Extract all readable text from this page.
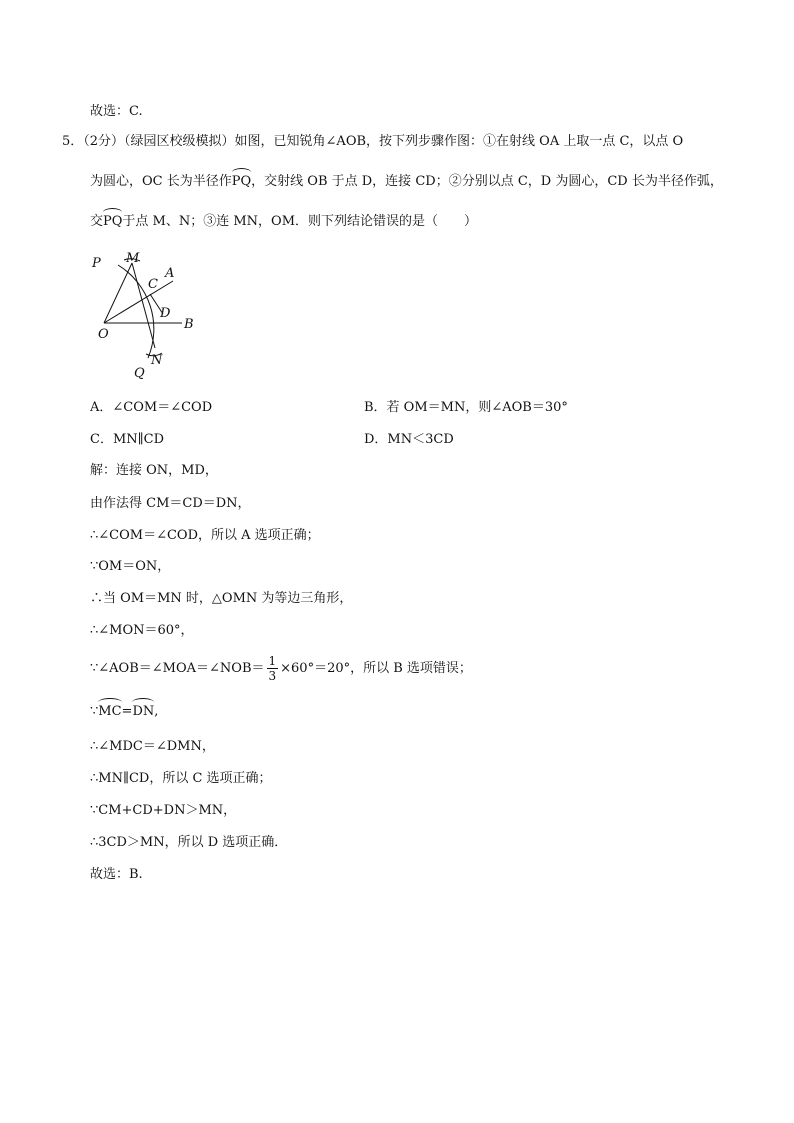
故选：C.
5．（2分）（绿园区校级模拟）如图，已知锐角∠AOB，按下列步骤作图：①在射线 OA 上取一点 C，以点 O
为圆心，OC 长为半径作PQ，交射线 OB 于点 D，连接 CD；②分别以点 C，D 为圆心，CD 长为半径作弧，
交PQ于点 M、N；③连 MN，OM．则下列结论错误的是（　　）
P M
A
C
D
O
B
N
Q
A．∠COM＝∠COD	B．若 OM＝MN，则∠AOB＝30°
C．MN∥CD	D．MN＜3CD
解：连接 ON，MD，
由作法得 CM＝CD＝DN，
∴∠COM＝∠COD，所以 A 选项正确；
∵OM＝ON，
∴当 OM＝MN 时，△OMN 为等边三角形，
∴∠MON＝60°，
∵∠AOB＝∠MOA＝∠NOB＝ $\frac{1}{3} \times 60^\circ=20^\circ$，所以 B 选项错误；
∵MC=DN,
∴∠MDC＝∠DMN，
∴MN∥CD，所以 C 选项正确；
∵CM+CD+DN＞MN，
∴3CD＞MN，所以 D 选项正确．
故选：B.
